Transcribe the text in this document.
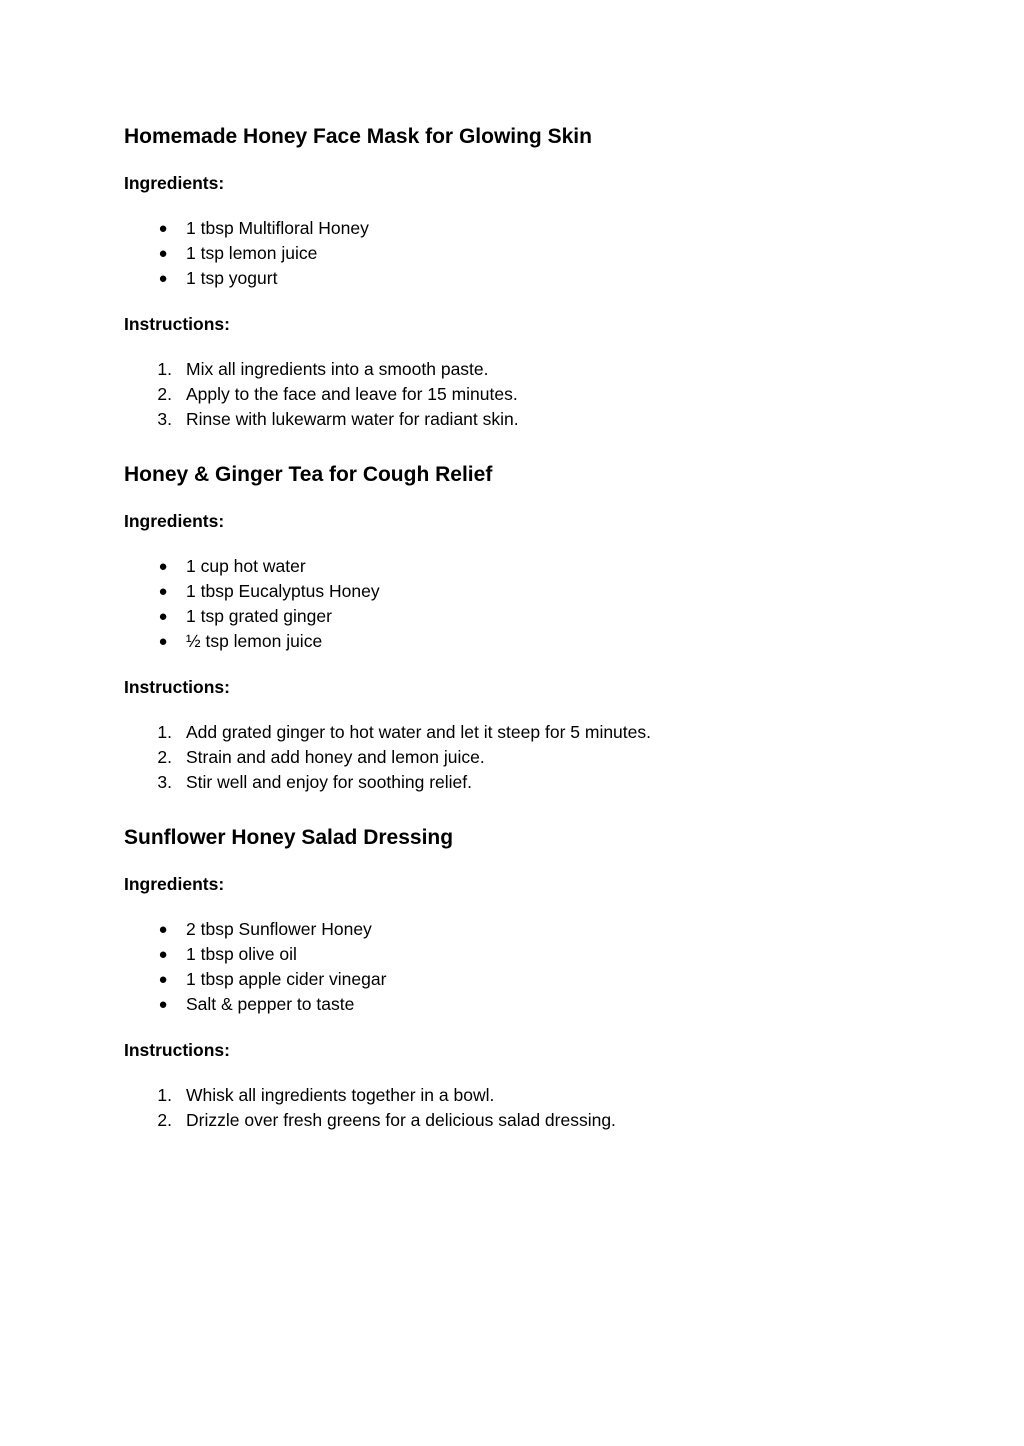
Homemade Honey Face Mask for Glowing Skin
Ingredients:
●	1 tbsp Multifloral Honey
●	1 tsp lemon juice
●	1 tsp yogurt
Instructions:
1. Mix all ingredients into a smooth paste.
2. Apply to the face and leave for 15 minutes.
3. Rinse with lukewarm water for radiant skin.
Honey & Ginger Tea for Cough Relief
Ingredients:
●	1 cup hot water
●	1 tbsp Eucalyptus Honey
●	1 tsp grated ginger
●	½ tsp lemon juice
Instructions:
1. Add grated ginger to hot water and let it steep for 5 minutes.
2. Strain and add honey and lemon juice.
3. Stir well and enjoy for soothing relief.
Sunflower Honey Salad Dressing
Ingredients:
●	2 tbsp Sunflower Honey
●	1 tbsp olive oil
●	1 tbsp apple cider vinegar
●	Salt & pepper to taste
Instructions:
1. Whisk all ingredients together in a bowl.
2. Drizzle over fresh greens for a delicious salad dressing.
